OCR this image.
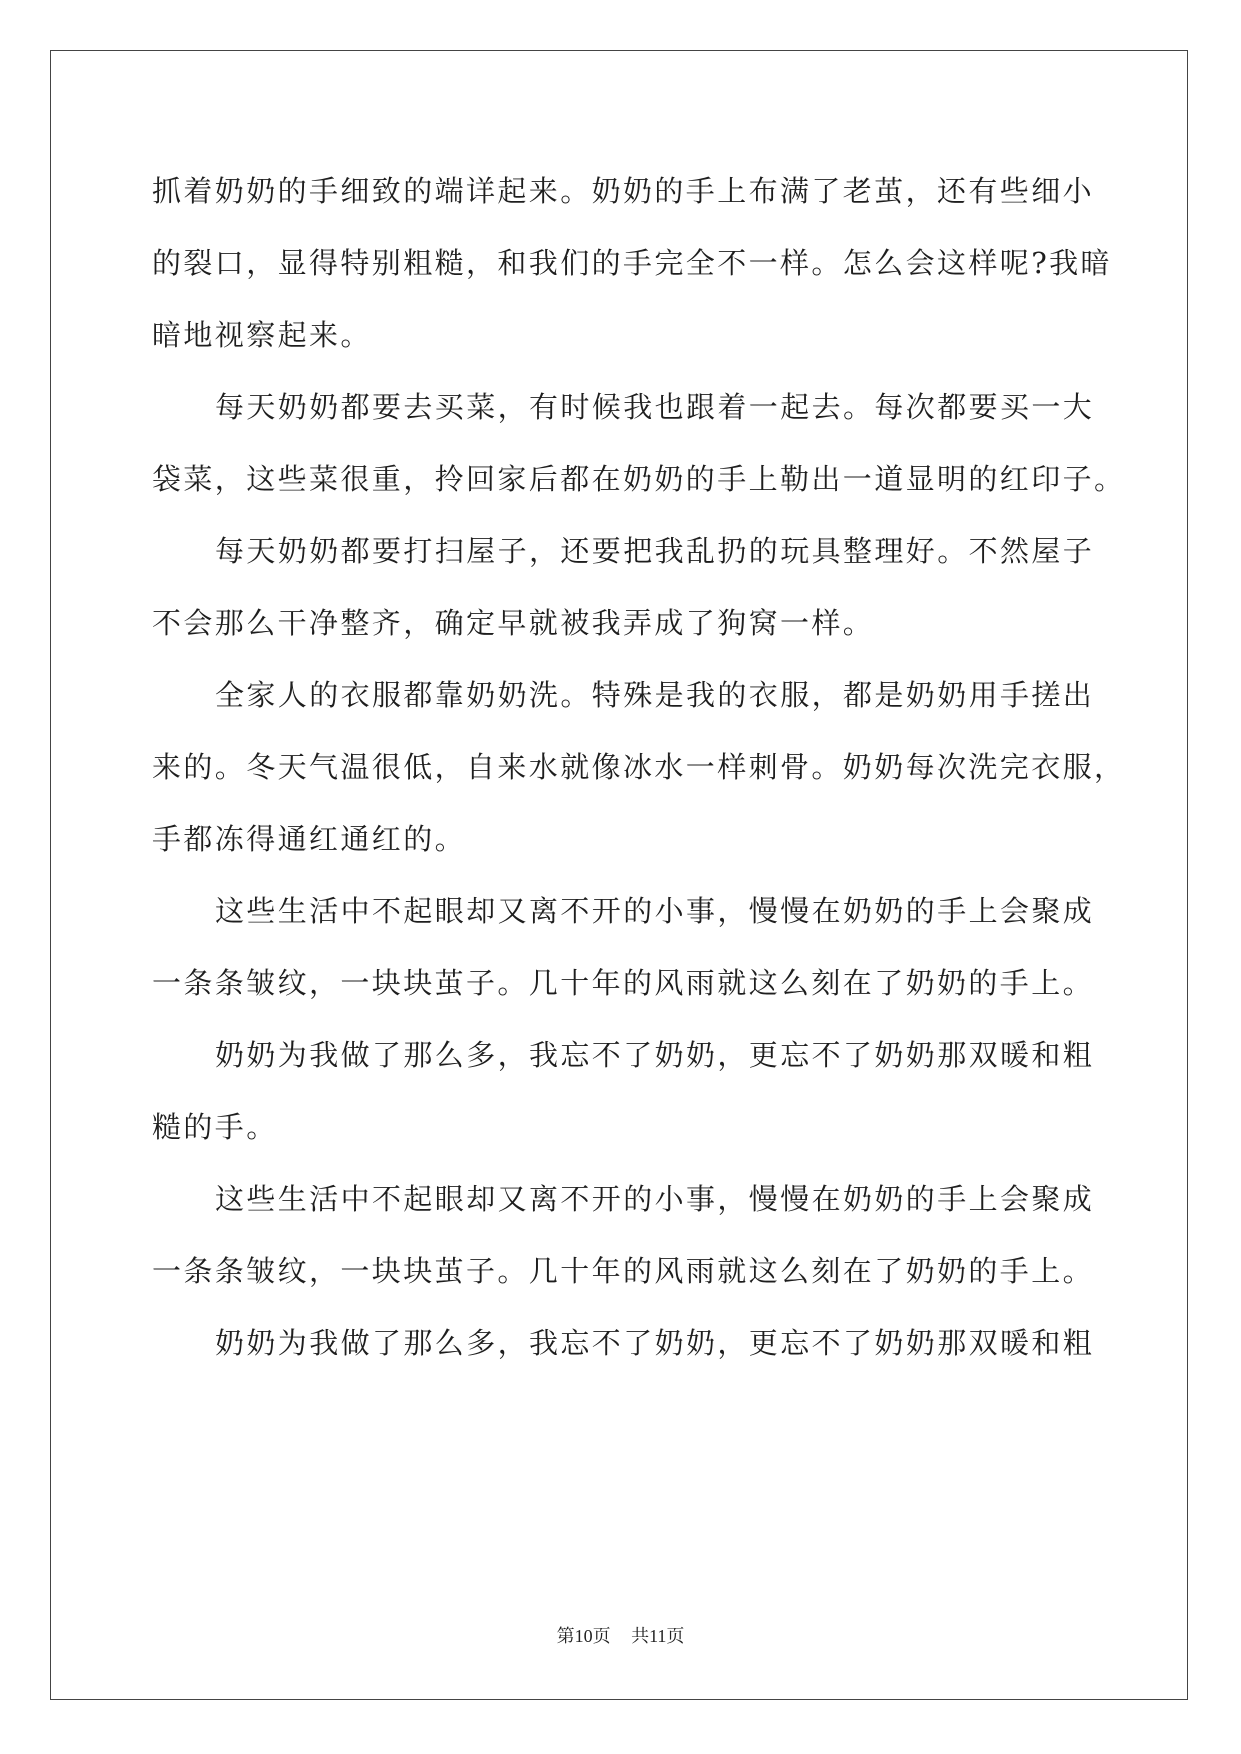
抓着奶奶的手细致的端详起来。奶奶的手上布满了老茧，还有些细小
的裂口，显得特别粗糙，和我们的手完全不一样。怎么会这样呢?我暗
暗地视察起来。
每天奶奶都要去买菜，有时候我也跟着一起去。每次都要买一大
袋菜，这些菜很重，拎回家后都在奶奶的手上勒出一道显明的红印子。
每天奶奶都要打扫屋子，还要把我乱扔的玩具整理好。不然屋子
不会那么干净整齐，确定早就被我弄成了狗窝一样。
全家人的衣服都靠奶奶洗。特殊是我的衣服，都是奶奶用手搓出
来的。冬天气温很低，自来水就像冰水一样刺骨。奶奶每次洗完衣服，
手都冻得通红通红的。
这些生活中不起眼却又离不开的小事，慢慢在奶奶的手上会聚成
一条条皱纹，一块块茧子。几十年的风雨就这么刻在了奶奶的手上。
奶奶为我做了那么多，我忘不了奶奶，更忘不了奶奶那双暖和粗
糙的手。
这些生活中不起眼却又离不开的小事，慢慢在奶奶的手上会聚成
一条条皱纹，一块块茧子。几十年的风雨就这么刻在了奶奶的手上。
奶奶为我做了那么多，我忘不了奶奶，更忘不了奶奶那双暖和粗
第10页 共11页
